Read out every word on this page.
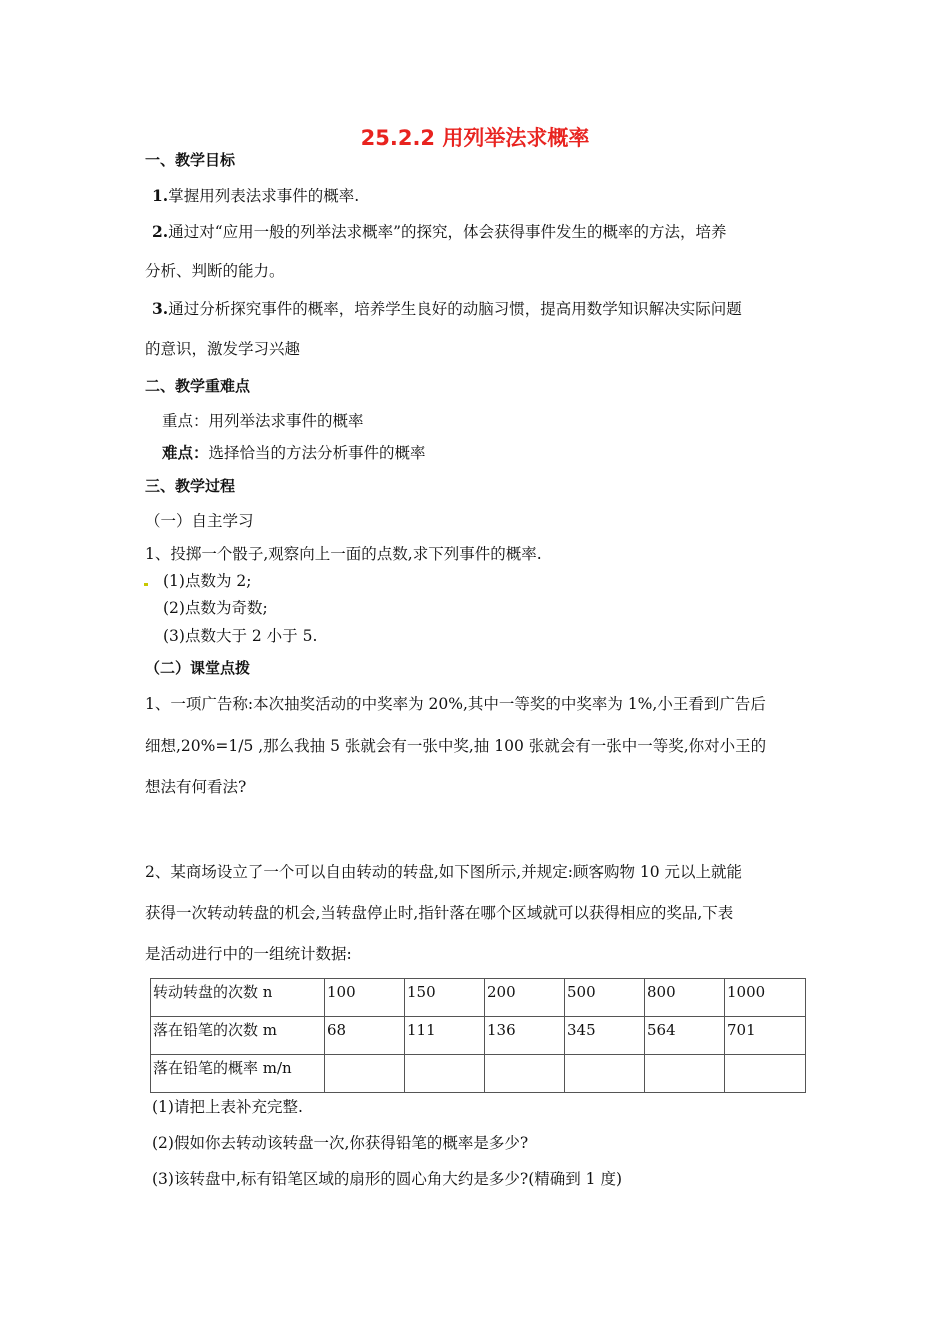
25.2.2 用列举法求概率
一、教学目标
1.掌握用列表法求事件的概率.
2.通过对“应用一般的列举法求概率”的探究，体会获得事件发生的概率的方法，培养
分析、判断的能力。
3.通过分析探究事件的概率，培养学生良好的动脑习惯，提高用数学知识解决实际问题
的意识，激发学习兴趣
二、教学重难点
重点：用列举法求事件的概率
难点：选择恰当的方法分析事件的概率
三、教学过程
（一）自主学习
1、投掷一个骰子,观察向上一面的点数,求下列事件的概率.
(1)点数为 2;
(2)点数为奇数;
(3)点数大于 2 小于 5.
（二）课堂点拨
1、一项广告称:本次抽奖活动的中奖率为 20%,其中一等奖的中奖率为 1%,小王看到广告后
细想,20%=1/5 ,那么我抽 5 张就会有一张中奖,抽 100 张就会有一张中一等奖,你对小王的
想法有何看法?
2、某商场设立了一个可以自由转动的转盘,如下图所示,并规定:顾客购物 10 元以上就能
获得一次转动转盘的机会,当转盘停止时,指针落在哪个区域就可以获得相应的奖品,下表
是活动进行中的一组统计数据:
转动转盘的次数 n	100	150	200	500	800	1000
落在铅笔的次数 m	68	111	136	345	564	701
落在铅笔的概率 m/n						
(1)请把上表补充完整.
(2)假如你去转动该转盘一次,你获得铅笔的概率是多少?
(3)该转盘中,标有铅笔区域的扇形的圆心角大约是多少?(精确到 1 度)
